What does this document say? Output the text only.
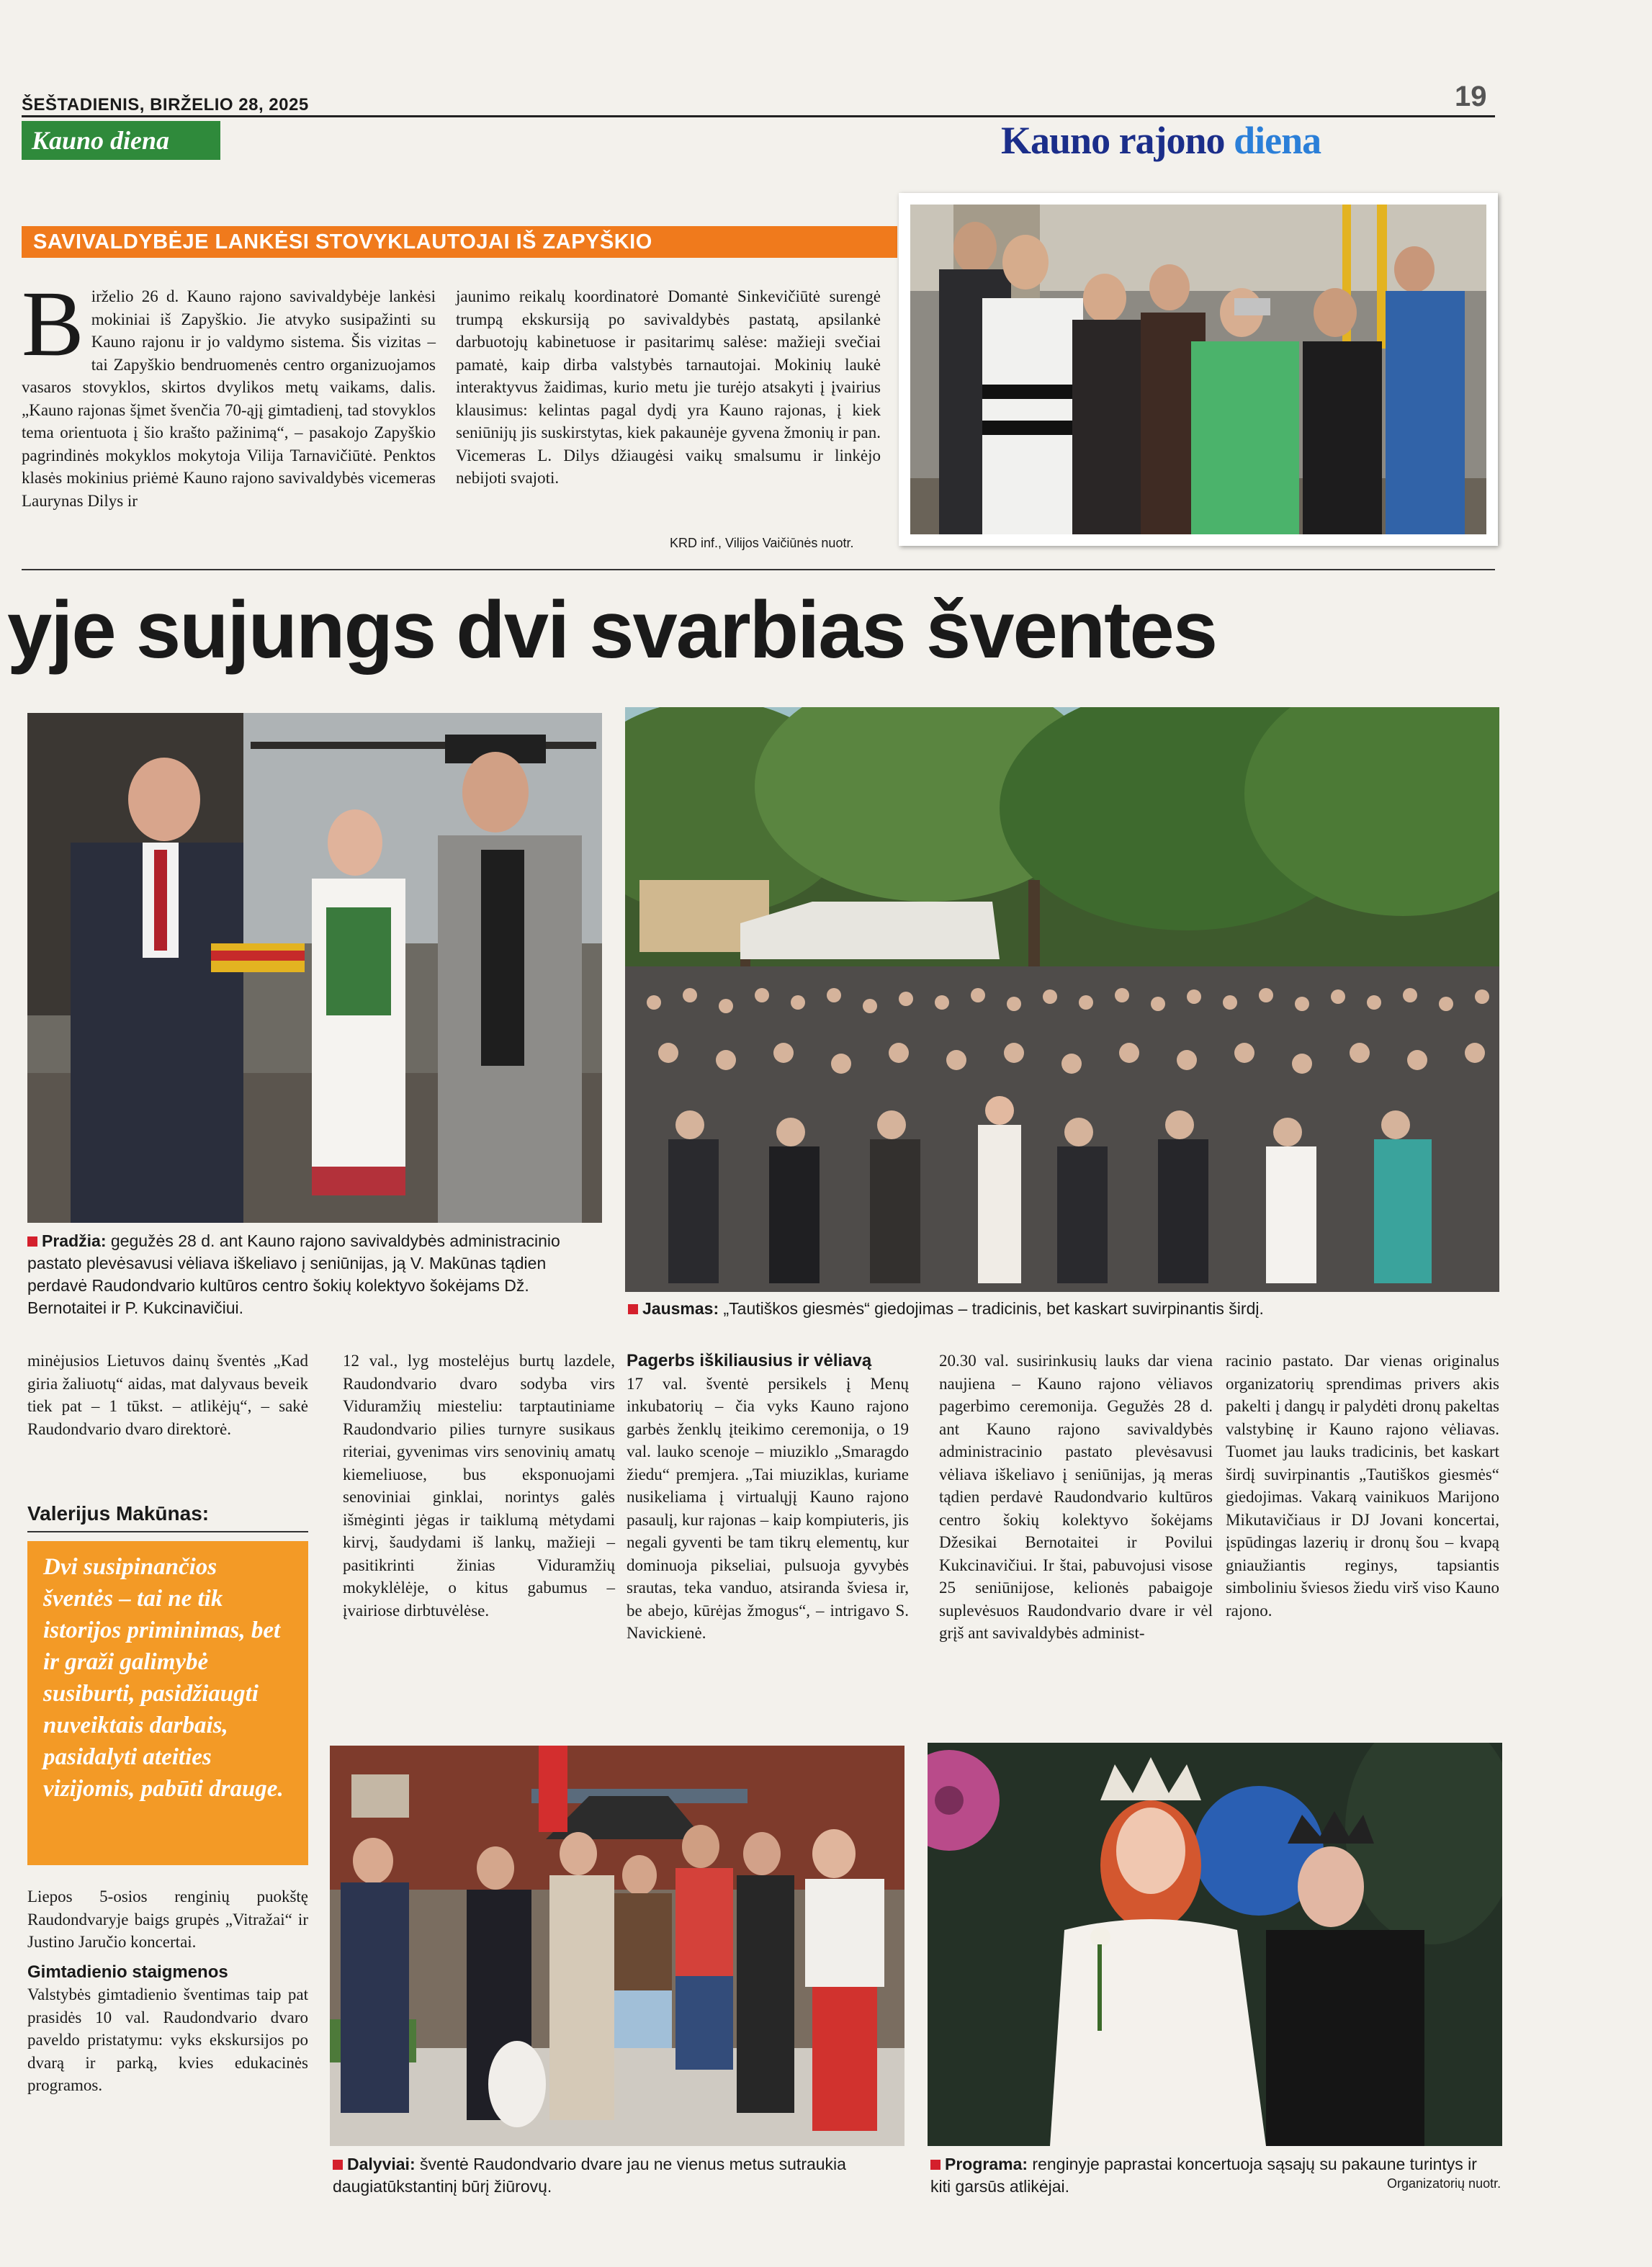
ŠEŠTADIENIS, BIRŽELIO 28, 2025	19
Kauno diena	Kauno rajono diena
SAVIVALDYBĖJE LANKĖSI STOVYKLAUTOJAI IŠ ZAPYŠKIO
Birželio 26 d. Kauno rajono savivaldybėje lankėsi mokiniai iš Zapyškio. Jie atvyko susipažinti su Kauno rajonu ir jo valdymo sistema. Šis vizitas – tai Zapyškio bendruomenės centro organizuojamos vasaros stovyklos, skirtos dvylikos metų vaikams, dalis. „Kauno rajonas šįmet švenčia 70-ąjį gimtadienį, tad stovyklos tema orientuota į šio krašto pažinimą“, – pasakojo Zapyškio pagrindinės mokyklos mokytoja Vilija Tarnavičiūtė. Penktos klasės mokinius priėmė Kauno rajono savivaldybės vicemeras Laurynas Dilys ir
jaunimo reikalų koordinatorė Domantė Sinkevičiūtė surengė trumpą ekskursiją po savivaldybės pastatą, apsilankė darbuotojų kabinetuose ir pasitarimų salėse: mažieji svečiai pamatė, kaip dirba valstybės tarnautojai. Mokinių laukė interaktyvus žaidimas, kurio metu jie turėjo atsakyti į įvairius klausimus: kelintas pagal dydį yra Kauno rajonas, į kiek seniūnijų jis suskirstytas, kiek pakaunėje gyvena žmonių ir pan. Vicemeras L. Dilys džiaugėsi vaikų smalsumu ir linkėjo nebijoti svajoti.
KRD inf., Vilijos Vaičiūnės nuotr.
yje sujungs dvi svarbias šventes
Pradžia: gegužės 28 d. ant Kauno rajono savivaldybės administracinio pastato plevėsavusi vėliava iškeliavo į seniūnijas, ją V. Makūnas tądien perdavė Raudondvario kultūros centro šokių kolektyvo šokėjams Dž. Bernotaitei ir P. Kukcinavičiui.	Jausmas: „Tautiškos giesmės“ giedojimas – tradicinis, bet kaskart suvirpinantis širdį.
minėjusios Lietuvos dainų šventės „Kad giria žaliuotų“ aidas, mat dalyvaus beveik tiek pat – 1 tūkst. – atlikėjų“, – sakė Raudondvario dvaro direktorė.
Valerijus Makūnas:
Dvi susipinančios šventės – tai ne tik istorijos priminimas, bet ir graži galimybė susiburti, pasidžiaugti nuveiktais darbais, pasidalyti ateities vizijomis, pabūti drauge.
Liepos 5-osios renginių puokštę Raudondvaryje baigs grupės „Vitražai“ ir Justino Jaručio koncertai.
Gimtadienio staigmenos
Valstybės gimtadienio šventimas taip pat prasidės 10 val. Raudondvario dvaro paveldo pristatymu: vyks ekskursijos po dvarą ir parką, kvies edukacinės programos.
12 val., lyg mostelėjus burtų lazdele, Raudondvario dvaro sodyba virs Viduramžių miesteliu: tarptautiniame Raudondvario pilies turnyre susikaus riteriai, gyvenimas virs senovinių amatų kiemeliuose, bus eksponuojami senoviniai ginklai, norintys galės išmėginti jėgas ir taiklumą mėtydami kirvį, šaudydami iš lankų, mažieji – pasitikrinti žinias Viduramžių mokyklėlėje, o kitus gabumus – įvairiose dirbtuvėlėse.
Pagerbs iškiliausius ir vėliavą
17 val. šventė persikels į Menų inkubatorių – čia vyks Kauno rajono garbės ženklų įteikimo ceremonija, o 19 val. lauko scenoje – miuziklo „Smaragdo žiedu“ premjera. „Tai miuziklas, kuriame nusikeliama į virtualųjį Kauno rajono pasaulį, kur rajonas – kaip kompiuteris, jis negali gyventi be tam tikrų elementų, kur dominuoja pikseliai, pulsuoja gyvybės srautas, teka vanduo, atsiranda šviesa ir, be abejo, kūrėjas žmogus“, – intrigavo S. Navickienė.
20.30 val. susirinkusių lauks dar viena naujiena – Kauno rajono vėliavos pagerbimo ceremonija. Gegužės 28 d. ant Kauno rajono savivaldybės administracinio pastato plevėsavusi vėliava iškeliavo į seniūnijas, ją meras tądien perdavė Raudondvario kultūros centro šokių kolektyvo šokėjams Džesikai Bernotaitei ir Povilui Kukcinavičiui. Ir štai, pabuvojusi visose 25 seniūnijose, kelionės pabaigoje suplevėsuos Raudondvario dvare ir vėl grįš ant savivaldybės administ-
racinio pastato. Dar vienas originalus organizatorių sprendimas privers akis pakelti į dangų ir palydėti dronų pakeltas valstybinę ir Kauno rajono vėliavas. Tuomet jau lauks tradicinis, bet kaskart širdį suvirpinantis „Tautiškos giesmės“ giedojimas. Vakarą vainikuos Marijono Mikutavičiaus ir DJ Jovani koncertai, įspūdingas lazerių ir dronų šou – kvapą gniaužiantis reginys, tapsiantis simboliniu šviesos žiedu virš viso Kauno rajono.
Dalyviai: šventė Raudondvario dvare jau ne vienus metus sutraukia daugiatūkstantinį būrį žiūrovų.
Programa: renginyje paprastai koncertuoja sąsajų su pakaune turintys ir kiti garsūs atlikėjai.	Organizatorių nuotr.
